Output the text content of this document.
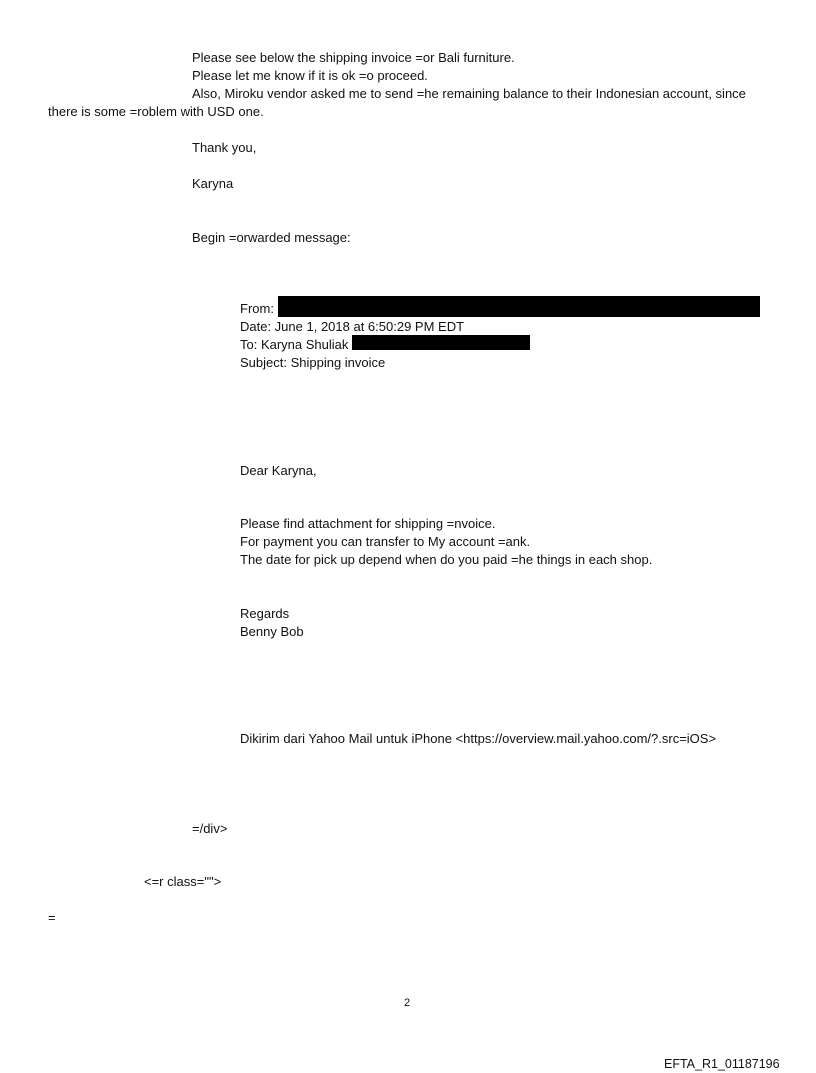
Please see below the shipping invoice =or Bali furniture.
Please let me know if it is ok =o proceed.
Also, Miroku vendor asked me to send =he remaining balance to their Indonesian account, since
there is some =roblem with USD one.
Thank you,
Karyna
Begin =orwarded message:
From:
Date: June 1, 2018 at 6:50:29 PM EDT
To: Karyna Shuliak
Subject: Shipping invoice
Dear Karyna,
Please find attachment for shipping =nvoice.
For payment you can transfer to My account =ank.
The date for pick up depend when do you paid =he things in each shop.
Regards
Benny Bob
Dikirim dari Yahoo Mail untuk iPhone <https://overview.mail.yahoo.com/?.src=iOS>
=/div>
<=r class="">
=
2
EFTA_R1_01187196
